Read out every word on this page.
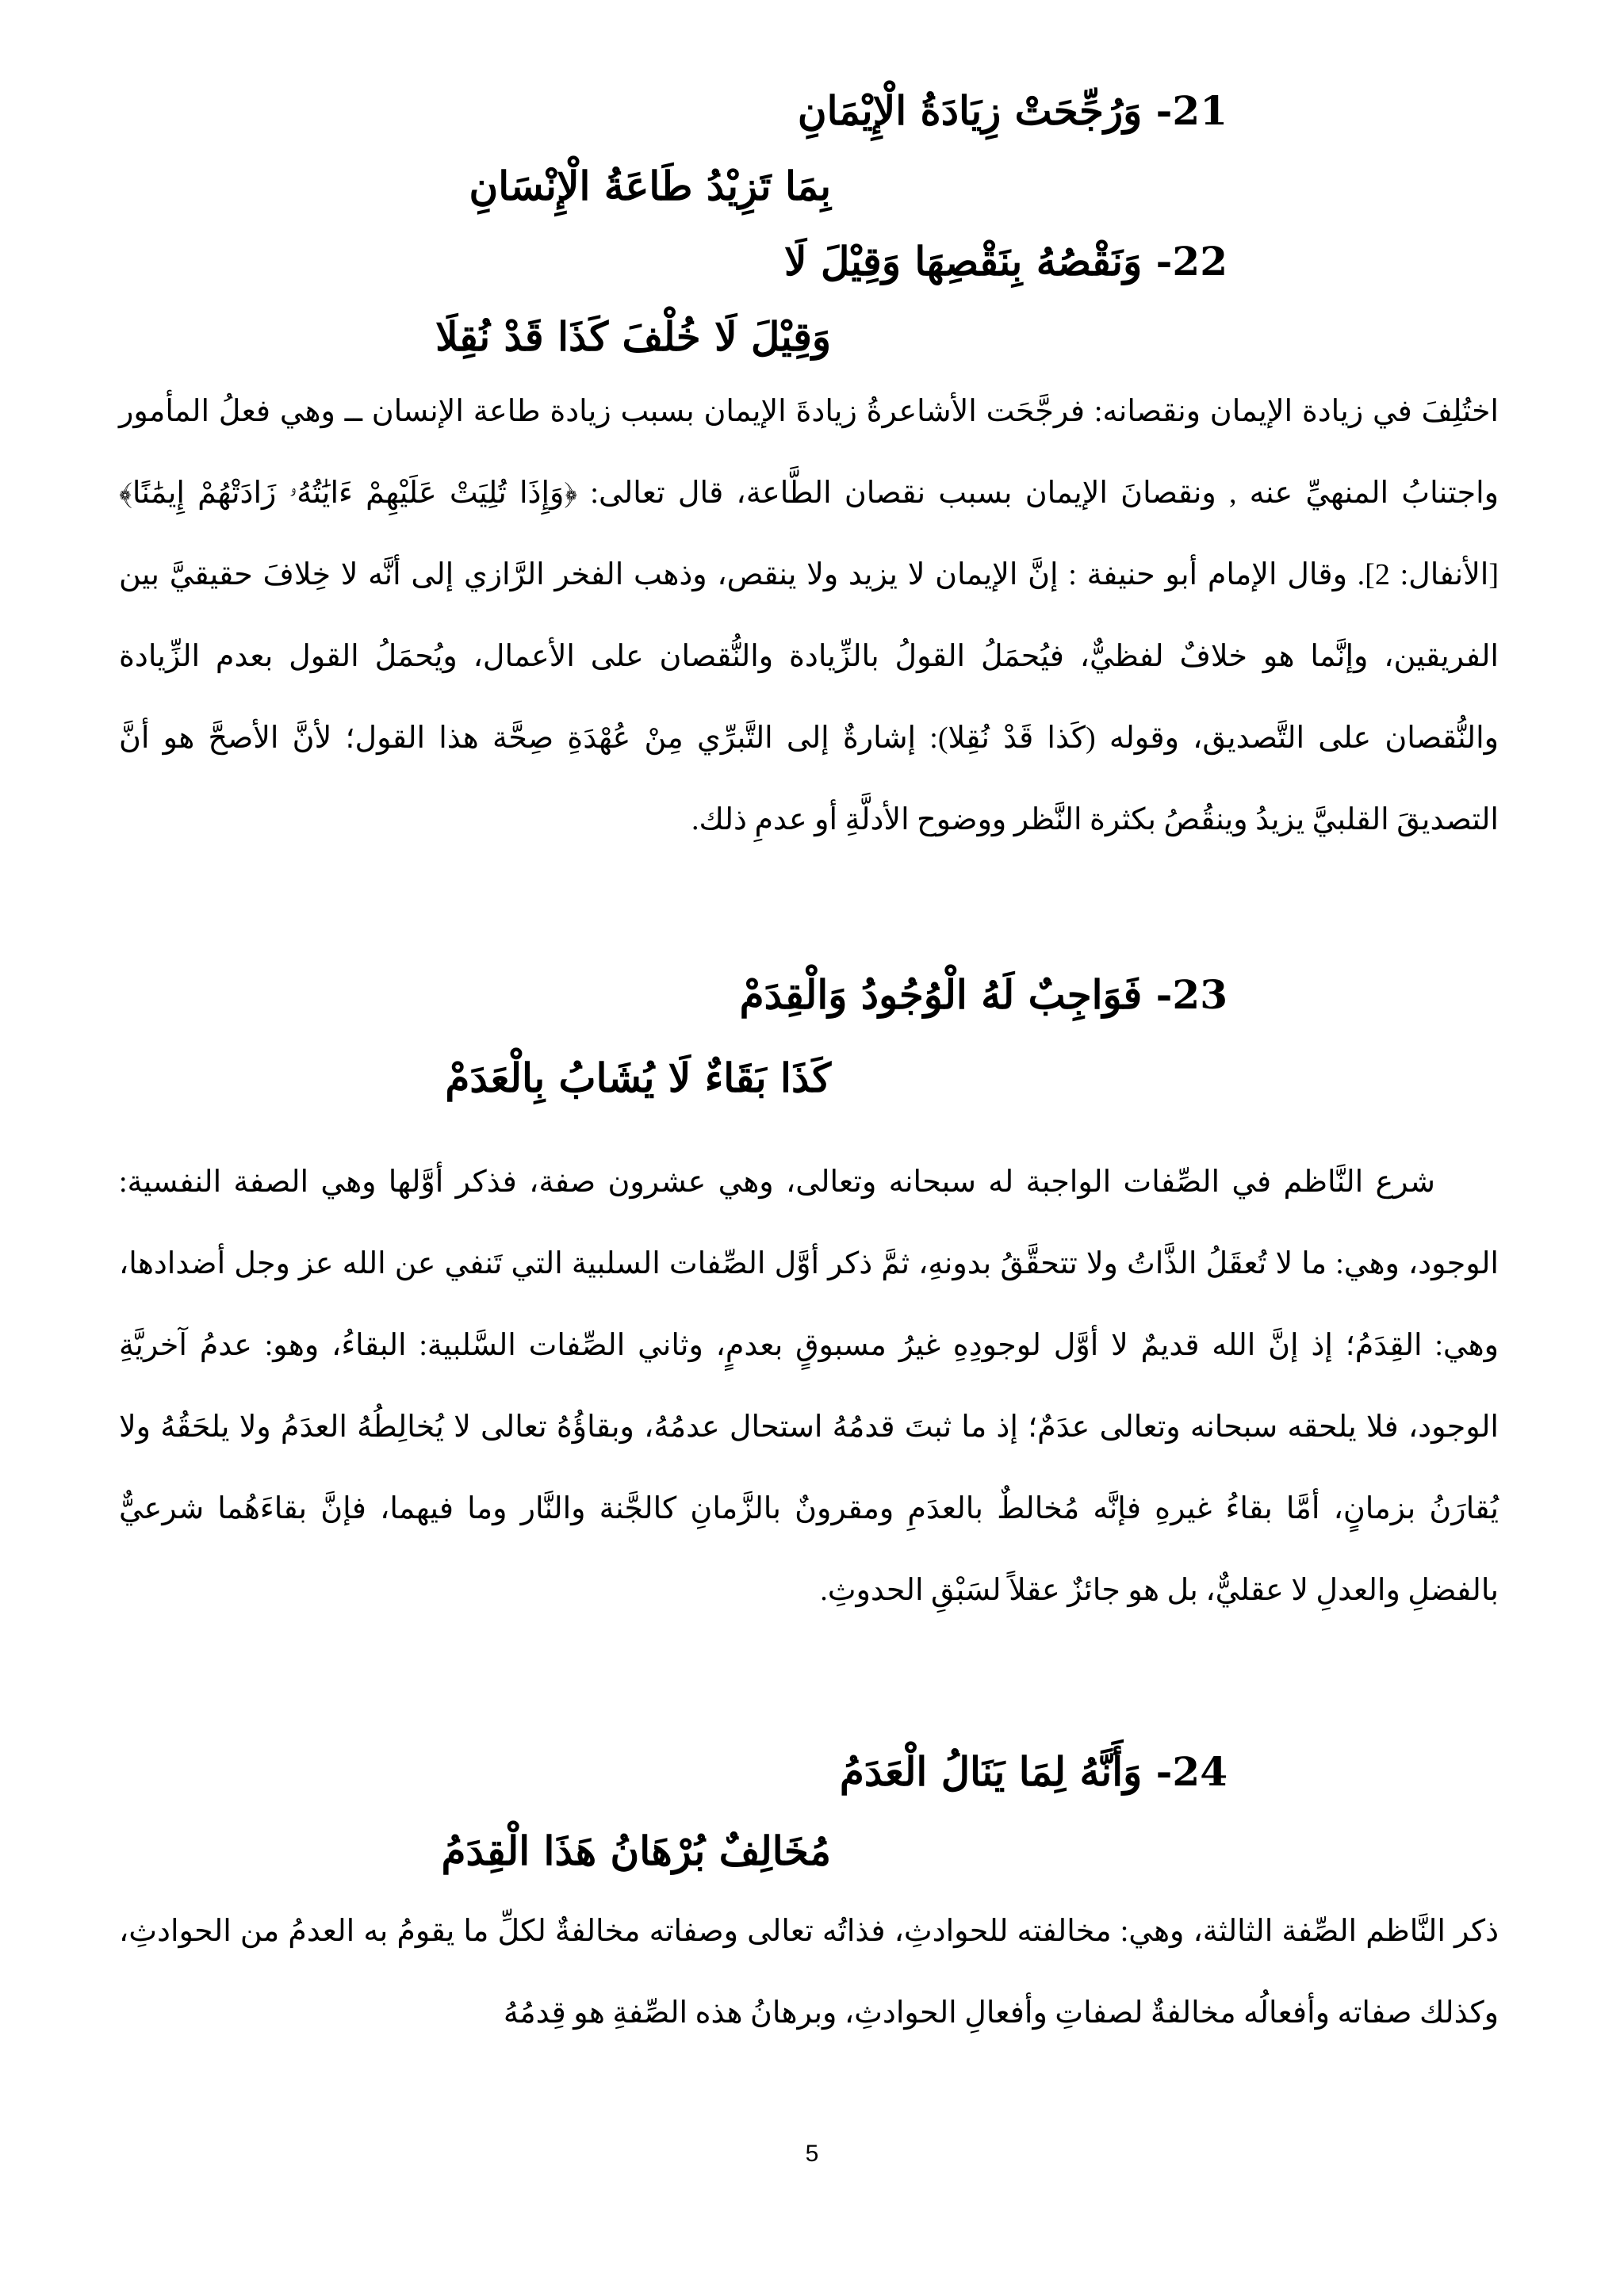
21- وَرُجِّحَتْ زِيَادَةُ الْإِيْمَانِ
بِمَا تَزِيْدُ طَاعَةُ الْإِنْسَانِ
22- وَنَقْصُهُ بِنَقْصِهَا وَقِيْلَ لَا
وَقِيْلَ لَا خُلْفَ كَذَا قَدْ نُقِلَا

اختُلِفَ في زيادة الإيمان ونقصانه: فرجَّحَت الأشاعرةُ زيادةَ الإيمان بسبب زيادة طاعة الإنسان ــ وهي فعلُ المأمور واجتنابُ المنهيِّ عنه , ونقصانَ الإيمان بسبب نقصان الطَّاعة، قال تعالى: ﴿وَإِذَا تُلِيَتْ عَلَيْهِمْ ءَايَٰتُهُۥ زَادَتْهُمْ إِيمَٰنًا﴾[الأنفال: 2]. وقال الإمام أبو حنيفة : إنَّ الإيمان لا يزيد ولا ينقص، وذهب الفخر الرَّازي إلى أنَّه لا خِلافَ حقيقيَّ بين الفريقين، وإنَّما هو خلافٌ لفظيٌّ، فيُحمَلُ القولُ بالزِّيادة والنُّقصان على الأعمال، ويُحمَلُ القول بعدم الزِّيادة والنُّقصان على التَّصديق، وقوله (كَذا قَدْ نُقِلا): إشارةٌ إلى التَّبرِّي مِنْ عُهْدَةِ صِحَّة هذا القول؛ لأنَّ الأصحَّ هو أنَّ التصديقَ القلبيَّ يزيدُ وينقُصُ بكثرة النَّظر ووضوح الأدلَّةِ أو عدمِ ذلك.

23- فَوَاجِبٌ لَهُ الْوُجُودُ وَالْقِدَمْ
كَذَا بَقَاءٌ لَا يُشَابُ بِالْعَدَمْ

شرع النَّاظم في الصِّفات الواجبة له سبحانه وتعالى، وهي عشرون صفة، فذكر أوَّلها وهي الصفة النفسية: الوجود، وهي: ما لا تُعقَلُ الذَّاتُ ولا تتحقَّقُ بدونهِ، ثمَّ ذكر أوَّل الصِّفات السلبية التي تَنفي عن الله عز وجل أضدادها، وهي: القِدَمُ؛ إذ إنَّ الله قديمٌ لا أوَّل لوجودِهِ غيرُ مسبوقٍ بعدمٍ، وثاني الصِّفات السَّلبية: البقاءُ، وهو: عدمُ آخريَّةِ الوجود، فلا يلحقه سبحانه وتعالى عدَمٌ؛ إذ ما ثبتَ قدمُهُ استحال عدمُهُ، وبقاؤُهُ تعالى لا يُخالِطُهُ العدَمُ ولا يلحَقُهُ ولا يُقارَنُ بزمانٍ، أمَّا بقاءُ غيرهِ فإنَّه مُخالطٌ بالعدَمِ ومقرونٌ بالزَّمانِ كالجَّنة والنَّار وما فيهما، فإنَّ بقاءَهُما شرعيٌّ بالفضلِ والعدلِ لا عقليٌّ، بل هو جائزٌ عقلاً لسَبْقِ الحدوثِ.

24- وَأَنَّهُ لِمَا يَنَالُ الْعَدَمُ
مُخَالِفٌ بُرْهَانُ هَذَا الْقِدَمُ

ذكر النَّاظم الصِّفة الثالثة، وهي: مخالفته للحوادثِ، فذاتُه تعالى وصفاته مخالفةٌ لكلِّ ما يقومُ به العدمُ من الحوادثِ، وكذلك صفاته وأفعالُه مخالفةٌ لصفاتِ وأفعالِ الحوادثِ، وبرهانُ هذه الصِّفةِ هو قِدمُهُ

5
